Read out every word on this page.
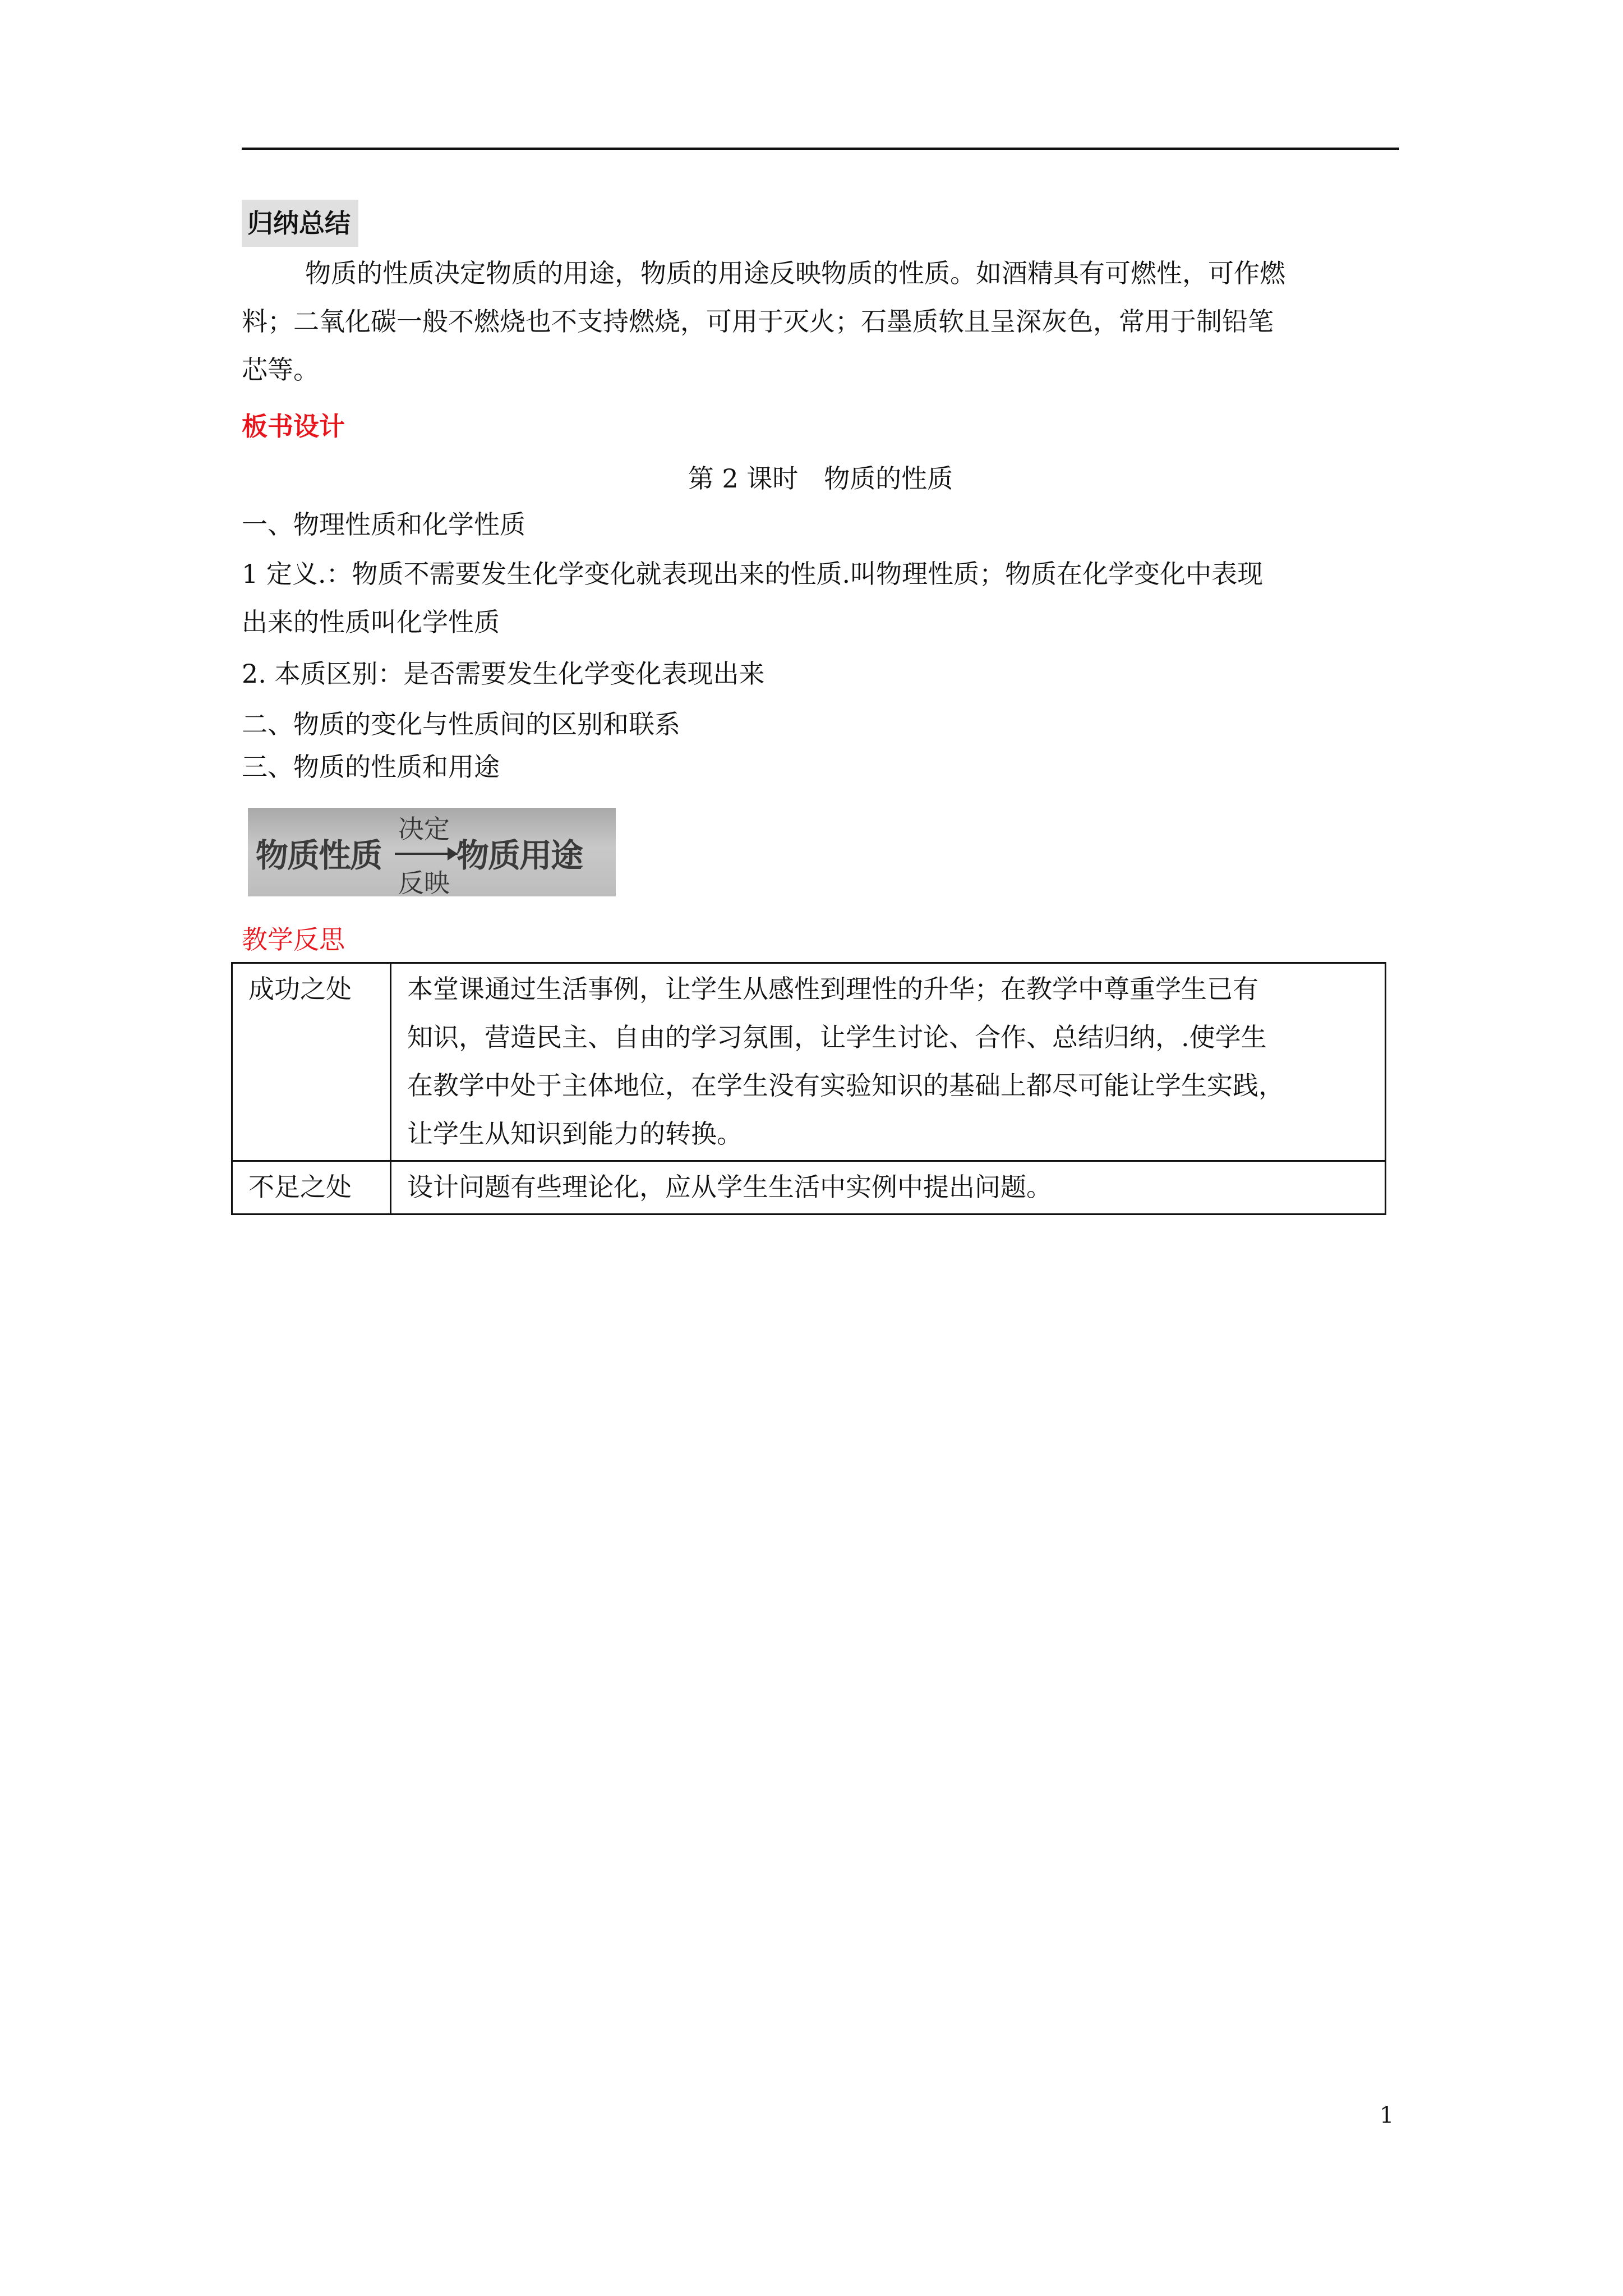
归纳总结
物质的性质决定物质的用途，物质的用途反映物质的性质。如酒精具有可燃性，可作燃
料；二氧化碳一般不燃烧也不支持燃烧，可用于灭火；石墨质软且呈深灰色，常用于制铅笔
芯等。
板书设计
第 2 课时　物质的性质
一、物理性质和化学性质
1 定义.：物质不需要发生化学变化就表现出来的性质.叫物理性质；物质在化学变化中表现
出来的性质叫化学性质
2. 本质区别：是否需要发生化学变化表现出来
二、物质的变化与性质间的区别和联系
三、物质的性质和用途
物质性质
决定
反映
物质用途
教学反思
成功之处	本堂课通过生活事例，让学生从感性到理性的升华；在教学中尊重学生已有
知识，营造民主、自由的学习氛围，让学生讨论、合作、总结归纳，.使学生
在教学中处于主体地位，在学生没有实验知识的基础上都尽可能让学生实践，
让学生从知识到能力的转换。

不足之处	设计问题有些理论化，应从学生生活中实例中提出问题。
1
